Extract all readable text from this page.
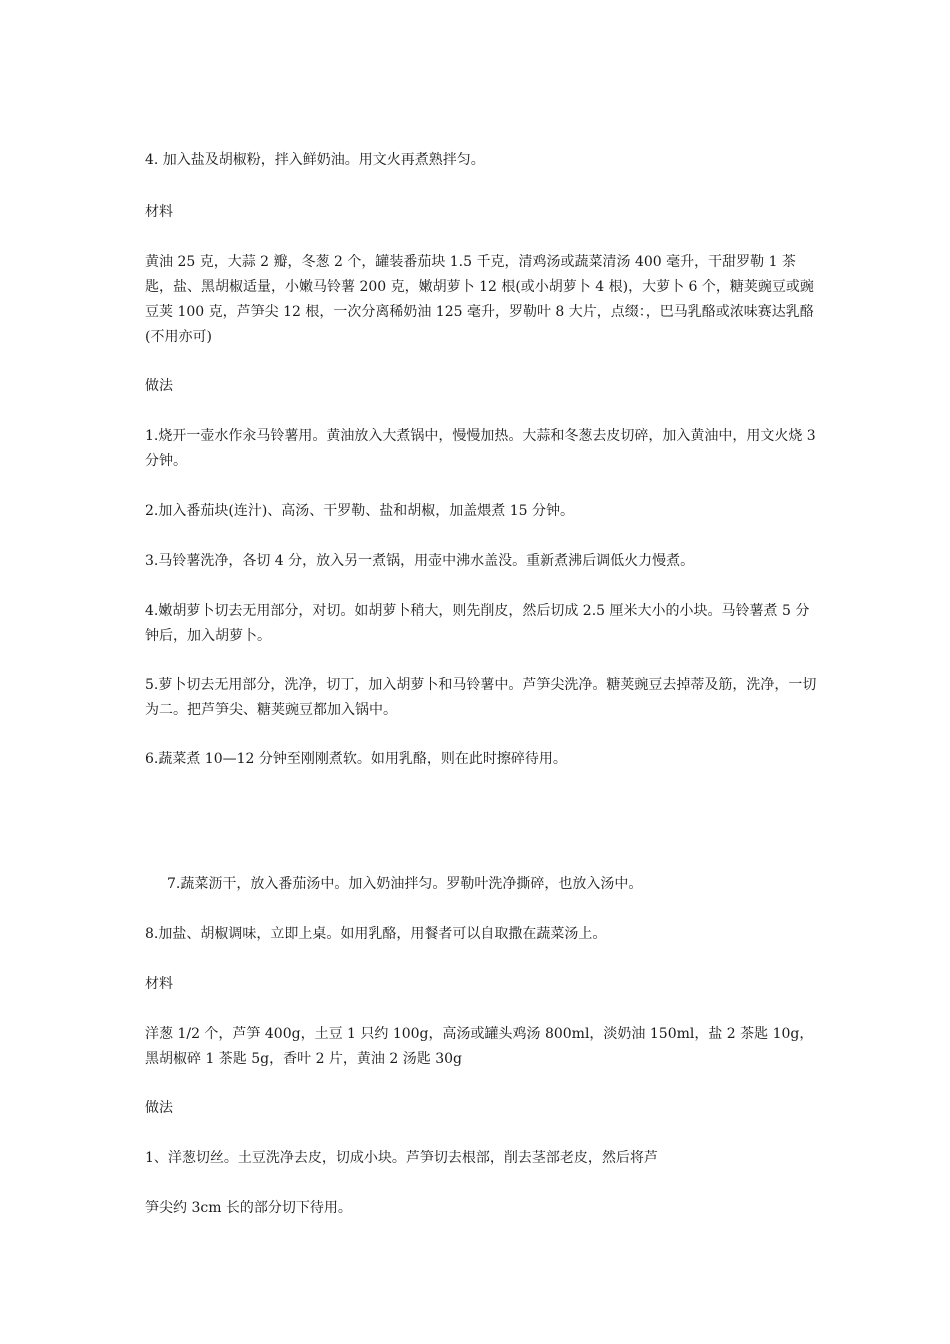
4. 加入盐及胡椒粉，拌入鲜奶油。用文火再煮熟拌匀。

材料

黄油 25 克，大蒜 2 瓣，冬葱 2 个，罐装番茄块 1.5 千克，清鸡汤或蔬菜清汤 400 毫升，干甜罗勒 1 茶匙，盐、黑胡椒适量，小嫩马铃薯 200 克，嫩胡萝卜 12 根(或小胡萝卜 4 根)，大萝卜 6 个，糖荚豌豆或豌豆荚 100 克，芦笋尖 12 根，一次分离稀奶油 125 毫升，罗勒叶 8 大片，点缀：，巴马乳酪或浓味赛达乳酪(不用亦可)

做法

1.烧开一壶水作汆马铃薯用。黄油放入大煮锅中，慢慢加热。大蒜和冬葱去皮切碎，加入黄油中，用文火烧 3 分钟。

2.加入番茄块(连汁)、高汤、干罗勒、盐和胡椒，加盖煨煮 15 分钟。

3.马铃薯洗净，各切 4 分，放入另一煮锅，用壶中沸水盖没。重新煮沸后调低火力慢煮。

4.嫩胡萝卜切去无用部分，对切。如胡萝卜稍大，则先削皮，然后切成 2.5 厘米大小的小块。马铃薯煮 5 分钟后，加入胡萝卜。

5.萝卜切去无用部分，洗净，切丁，加入胡萝卜和马铃薯中。芦笋尖洗净。糖荚豌豆去掉蒂及筋，洗净，一切为二。把芦笋尖、糖荚豌豆都加入锅中。

6.蔬菜煮 10—12 分钟至刚刚煮软。如用乳酪，则在此时擦碎待用。

7.蔬菜沥干，放入番茄汤中。加入奶油拌匀。罗勒叶洗净撕碎，也放入汤中。

8.加盐、胡椒调味，立即上桌。如用乳酪，用餐者可以自取撒在蔬菜汤上。

材料

洋葱 1/2 个，芦笋 400g，土豆 1 只约 100g，高汤或罐头鸡汤 800ml，淡奶油 150ml，盐 2 茶匙 10g，黑胡椒碎 1 茶匙 5g，香叶 2 片，黄油 2 汤匙 30g

做法

1、洋葱切丝。土豆洗净去皮，切成小块。芦笋切去根部，削去茎部老皮，然后将芦

笋尖约 3cm 长的部分切下待用。
